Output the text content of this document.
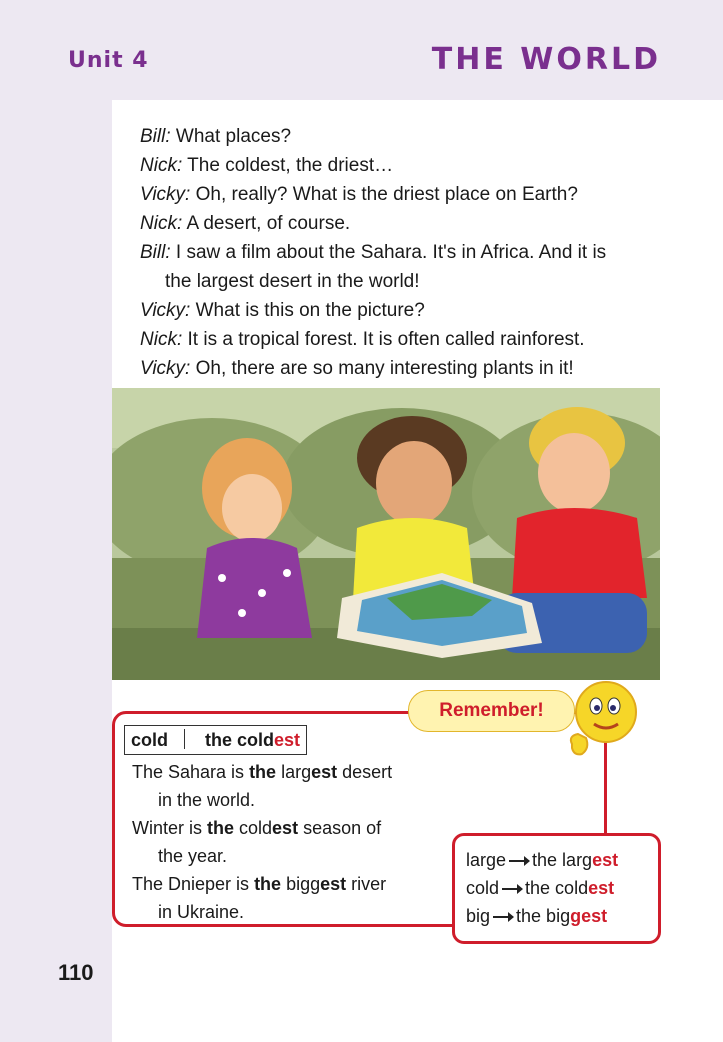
Unit 4	THE WORLD
Bill: What places?
Nick: The coldest, the driest…
Vicky: Oh, really? What is the driest place on Earth?
Nick: A desert, of course.
Bill: I saw a film about the Sahara. It's in Africa. And it is
the largest desert in the world!
Vicky: What is this on the picture?
Nick: It is a tropical forest. It is often called rainforest.
Vicky: Oh, there are so many interesting plants in it!
Remember!
cold the coldest
The Sahara is the largest desert
in the world.
Winter is the coldest season of
the year.
The Dnieper is the biggest river
in Ukraine.
large the largest
cold the coldest
big the biggest
110
